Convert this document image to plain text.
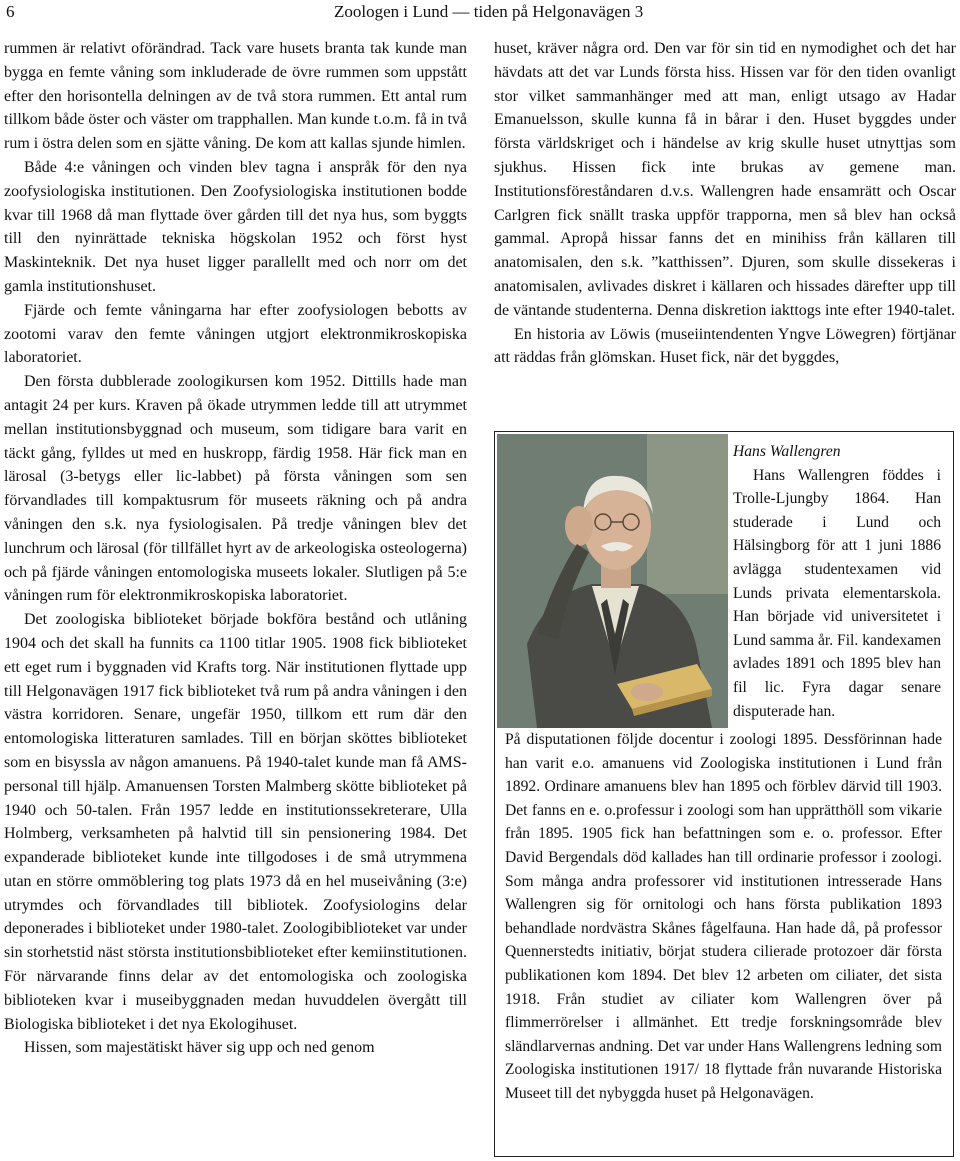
6	Zoologen i Lund — tiden på Helgonavägen 3

rummen är relativt oförändrad. Tack vare husets branta tak kunde man bygga en femte våning som inkluderade de övre rummen som uppstått efter den horisontella delningen av de två stora rummen. Ett antal rum tillkom både öster och väster om trapphallen. Man kunde t.o.m. få in två rum i östra delen som en sjätte våning. De kom att kallas sjunde himlen.

Både 4:e våningen och vinden blev tagna i anspråk för den nya zoofysiologiska institutionen. Den Zoofysiologiska institutionen bodde kvar till 1968 då man flyttade över gården till det nya hus, som byggts till den nyinrättade tekniska högskolan 1952 och först hyst Maskinteknik. Det nya huset ligger parallellt med och norr om det gamla institutionshuset.

Fjärde och femte våningarna har efter zoofysiologen bebotts av zootomi varav den femte våningen utgjort elektronmikroskopiska laboratoriet.

Den första dubblerade zoologikursen kom 1952. Dittills hade man antagit 24 per kurs. Kraven på ökade utrymmen ledde till att utrymmet mellan institutionsbyggnad och museum, som tidigare bara varit en täckt gång, fylldes ut med en huskropp, färdig 1958. Här fick man en lärosal (3-betygs eller lic-labbet) på första våningen som sen förvandlades till kompaktusrum för museets räkning och på andra våningen den s.k. nya fysiologisalen. På tredje våningen blev det lunchrum och lärosal (för tillfället hyrt av de arkeologiska osteologerna) och på fjärde våningen entomologiska museets lokaler. Slutligen på 5:e våningen rum för elektronmikroskopiska laboratoriet.

Det zoologiska biblioteket började bokföra bestånd och utlåning 1904 och det skall ha funnits ca 1100 titlar 1905. 1908 fick biblioteket ett eget rum i byggnaden vid Krafts torg. När institutionen flyttade upp till Helgonavägen 1917 fick biblioteket två rum på andra våningen i den västra korridoren. Senare, ungefär 1950, tillkom ett rum där den entomologiska litteraturen samlades. Till en början sköttes biblioteket som en bisyssla av någon amanuens. På 1940-talet kunde man få AMS-personal till hjälp. Amanuensen Torsten Malmberg skötte biblioteket på 1940 och 50-talen. Från 1957 ledde en institutionssekreterare, Ulla Holmberg, verksamheten på halvtid till sin pensionering 1984. Det expanderade biblioteket kunde inte tillgodoses i de små utrymmena utan en större ommöblering tog plats 1973 då en hel museivåning (3:e) utrymdes och förvandlades till bibliotek. Zoofysiologins delar deponerades i biblioteket under 1980-talet. Zoologibiblioteket var under sin storhetstid näst största institutionsbiblioteket efter kemiinstitutionen. För närvarande finns delar av det entomologiska och zoologiska biblioteken kvar i museibyggnaden medan huvuddelen övergått till Biologiska biblioteket i det nya Ekologihuset.

Hissen, som majestätiskt häver sig upp och ned genom

huset, kräver några ord. Den var för sin tid en nymodighet och det har hävdats att det var Lunds första hiss. Hissen var för den tiden ovanligt stor vilket sammanhänger med att man, enligt utsago av Hadar Emanuelsson, skulle kunna få in bårar i den. Huset byggdes under första världskriget och i händelse av krig skulle huset utnyttjas som sjukhus. Hissen fick inte brukas av gemene man. Institutionsföreståndaren d.v.s. Wallengren hade ensamrätt och Oscar Carlgren fick snällt traska uppför trapporna, men så blev han också gammal. Apropå hissar fanns det en minihiss från källaren till anatomisalen, den s.k. ”katthissen”. Djuren, som skulle dissekeras i anatomisalen, avlivades diskret i källaren och hissades därefter upp till de väntande studenterna. Denna diskretion iakttogs inte efter 1940-talet.

En historia av Löwis (museiintendenten Yngve Löwegren) förtjänar att räddas från glömskan. Huset fick, när det byggdes,

Hans Wallengren

Hans Wallengren föddes i Trolle-Ljungby 1864. Han studerade i Lund och Hälsingborg för att 1 juni 1886 avlägga studentexamen vid Lunds privata elementarskola. Han började vid universitetet i Lund samma år. Fil. kandexamen avlades 1891 och 1895 blev han fil lic. Fyra dagar senare disputerade han.

På disputationen följde docentur i zoologi 1895. Dessförinnan hade han varit e.o. amanuens vid Zoologiska institutionen i Lund från 1892. Ordinare amanuens blev han 1895 och förblev därvid till 1903. Det fanns en e. o.professur i zoologi som han upprätthöll som vikarie från 1895. 1905 fick han befattningen som e. o. professor. Efter David Bergendals död kallades han till ordinarie professor i zoologi. Som många andra professorer vid institutionen intresserade Hans Wallengren sig för ornitologi och hans första publikation 1893 behandlade nordvästra Skånes fågelfauna. Han hade då, på professor Quennerstedts initiativ, börjat studera cilierade protozoer där första publikationen kom 1894. Det blev 12 arbeten om ciliater, det sista 1918. Från studiet av ciliater kom Wallengren över på flimmerrörelser i allmänhet. Ett tredje forskningsområde blev sländlarvernas andning. Det var under Hans Wallengrens ledning som Zoologiska institutionen 1917/ 18 flyttade från nuvarande Historiska Museet till det nybyggda huset på Helgonavägen.
